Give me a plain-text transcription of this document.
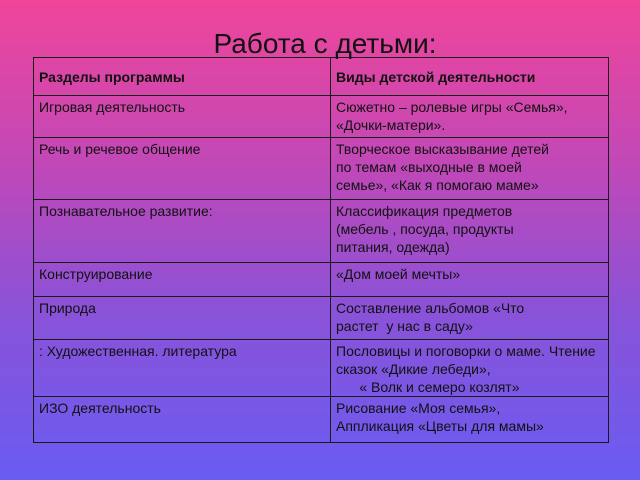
Работа с детьми:
Разделы программы	Виды детской деятельности
Игровая деятельность	Сюжетно – ролевые игры «Семья»,
«Дочки-матери».

Речь и речевое общение	Творческое высказывание детей
по темам «выходные в моей
семье», «Как я помогаю маме»

Познавательное развитие:	Классификация предметов
(мебель , посуда, продукты
питания, одежда)

Конструирование	«Дом моей мечты»

Природа	Составление альбомов «Что
растет  у нас в саду»

: Художественная. литература	Пословицы и поговорки о маме. Чтение
сказок «Дикие лебеди»,
« Волк и семеро козлят»

ИЗО деятельность	Рисование «Моя семья»,
Аппликация «Цветы для мамы»
